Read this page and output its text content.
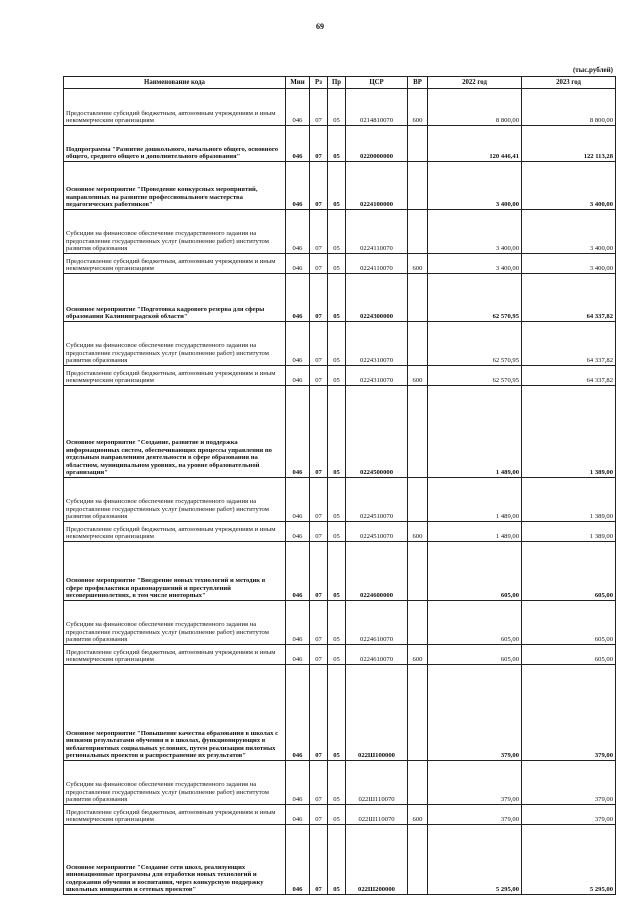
69
(тыс.рублей)
Наименование кода	Мин	Рз	Пр	ЦСР	ВР	2022 год	2023 год
Предоставление субсидий бюджетным, автономным учреждениям и иным некоммерческим организациям	046	07	05	0214810070	600	8 800,00	8 800,00
Подпрограмма "Развитие дошкольного, начального общего, основного общего, среднего общего и дополнительного образования"	046	07	05	0220000000		120 446,41	122 113,28
Основное мероприятие "Проведение конкурсных мероприятий, направленных на развитие профессионального мастерства педагогических работников"	046	07	05	0224100000		3 400,00	3 400,00
Субсидии на финансовое обеспечение государственного задания на предоставление государственных услуг (выполнение работ) институтом развития образования	046	07	05	0224110070		3 400,00	3 400,00
Предоставление субсидий бюджетным, автономным учреждениям и иным некоммерческим организациям	046	07	05	0224110070	600	3 400,00	3 400,00
Основное мероприятие "Подготовка кадрового резерва для сферы образования Калининградской области"	046	07	05	0224300000		62 570,95	64 337,82
Субсидии на финансовое обеспечение государственного задания на предоставление государственных услуг (выполнение работ) институтом развития образования	046	07	05	0224310070		62 570,95	64 337,82
Предоставление субсидий бюджетным, автономным учреждениям и иным некоммерческим организациям	046	07	05	0224310070	600	62 570,95	64 337,82
Основное мероприятие "Создание, развитие и поддержка информационных систем, обеспечивающих процессы управления по отдельным направлениям деятельности в сфере образования на областном, муниципальном уровнях, на уровне образовательной организации"	046	07	05	0224500000		1 489,00	1 389,00
Субсидии на финансовое обеспечение государственного задания на предоставление государственных услуг (выполнение работ) институтом развития образования	046	07	05	0224510070		1 489,00	1 389,00
Предоставление субсидий бюджетным, автономным учреждениям и иным некоммерческим организациям	046	07	05	0224510070	600	1 489,00	1 389,00
Основное мероприятие "Внедрение новых технологий и методик в сфере профилактики правонарушений и преступлений несовершеннолетних, в том числе иноторных"	046	07	05	0224600000		605,00	605,00
Субсидии на финансовое обеспечение государственного задания на предоставление государственных услуг (выполнение работ) институтом развития образования	046	07	05	0224610070		605,00	605,00
Предоставление субсидий бюджетным, автономным учреждениям и иным некоммерческим организациям	046	07	05	0224610070	600	605,00	605,00
Основное мероприятие "Повышение качества образования в школах с низкими результатами обучения и в школах, функционирующих в неблагоприятных социальных условиях, путем реализации пилотных региональных проектов и распространение их результатов"	046	07	05	022Ш100000		379,00	379,00
Субсидии на финансовое обеспечение государственного задания на предоставление государственных услуг (выполнение работ) институтом развития образования	046	07	05	022Ш110070		379,00	379,00
Предоставление субсидий бюджетным, автономным учреждениям и иным некоммерческим организациям	046	07	05	022Ш110070	600	379,00	379,00
Основное мероприятие "Создание сети школ, реализующих инновационные программы для отработки новых технологий и содержания обучения и воспитания, через конкурсную поддержку школьных инициатив и сетевых проектов"	046	07	05	022Ш200000		5 295,00	5 295,00
